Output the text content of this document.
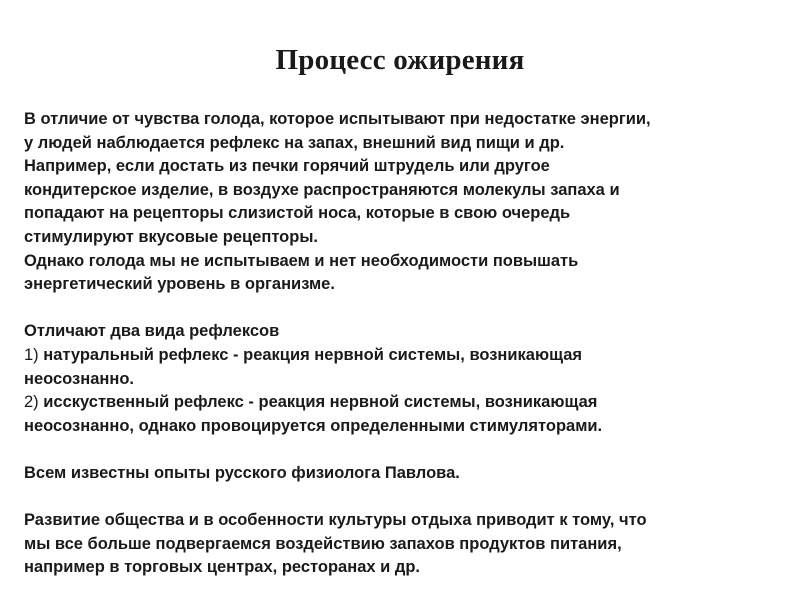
Процесс ожирения
В отличие от чувства голода, которое испытывают при недостатке энергии,
у людей наблюдается рефлекс на запах, внешний вид пищи и др.
Например, если достать из печки горячий штрудель или другое
кондитерское изделие, в воздухе распространяются молекулы запаха и
попадают на рецепторы слизистой носа, которые в свою очередь
стимулируют вкусовые рецепторы.
Однако голода мы не испытываем и нет необходимости повышать
энергетический уровень в организме.
Отличают два вида рефлексов
1) натуральный рефлекс - реакция нервной системы, возникающая
неосознанно.
2) исскуственный рефлекс - реакция нервной системы, возникающая
неосознанно, однако провоцируется определенными стимуляторами.
Всем известны опыты русского физиолога Павлова.
Развитие общества и в особенности культуры отдыха приводит к тому, что
мы все больше подвергаемся воздействию запахов продуктов питания,
например в торговых центрах, ресторанах и др.
